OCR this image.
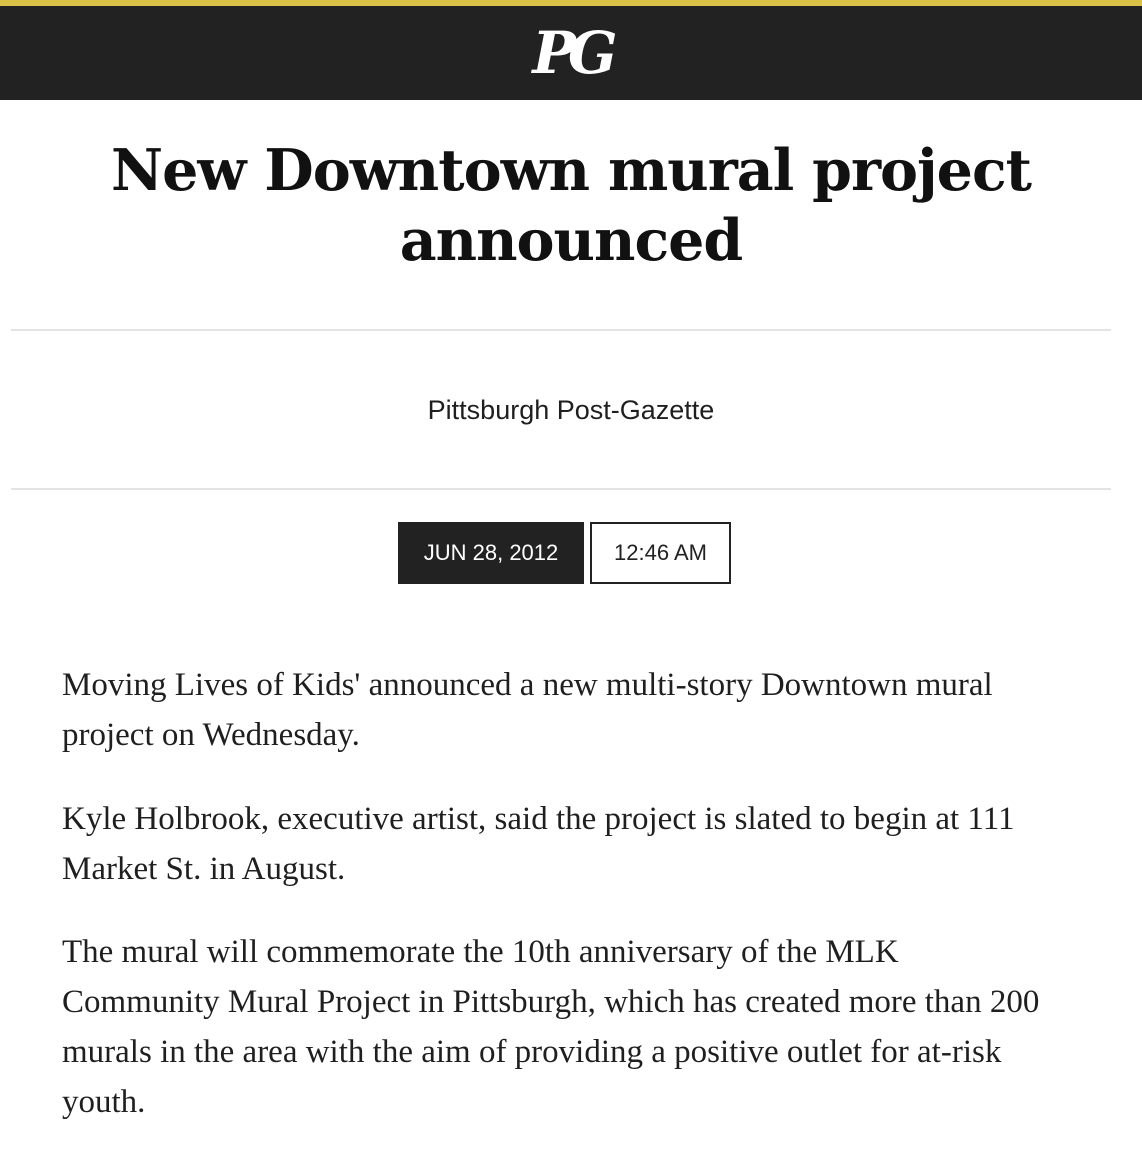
PG
New Downtown mural project announced
Pittsburgh Post-Gazette
JUN 28, 2012	12:46 AM

Moving Lives of Kids' announced a new multi-story Downtown mural project on Wednesday.

Kyle Holbrook, executive artist, said the project is slated to begin at 111 Market St. in August.

The mural will commemorate the 10th anniversary of the MLK Community Mural Project in Pittsburgh, which has created more than 200 murals in the area with the aim of providing a positive outlet for at-risk youth.
